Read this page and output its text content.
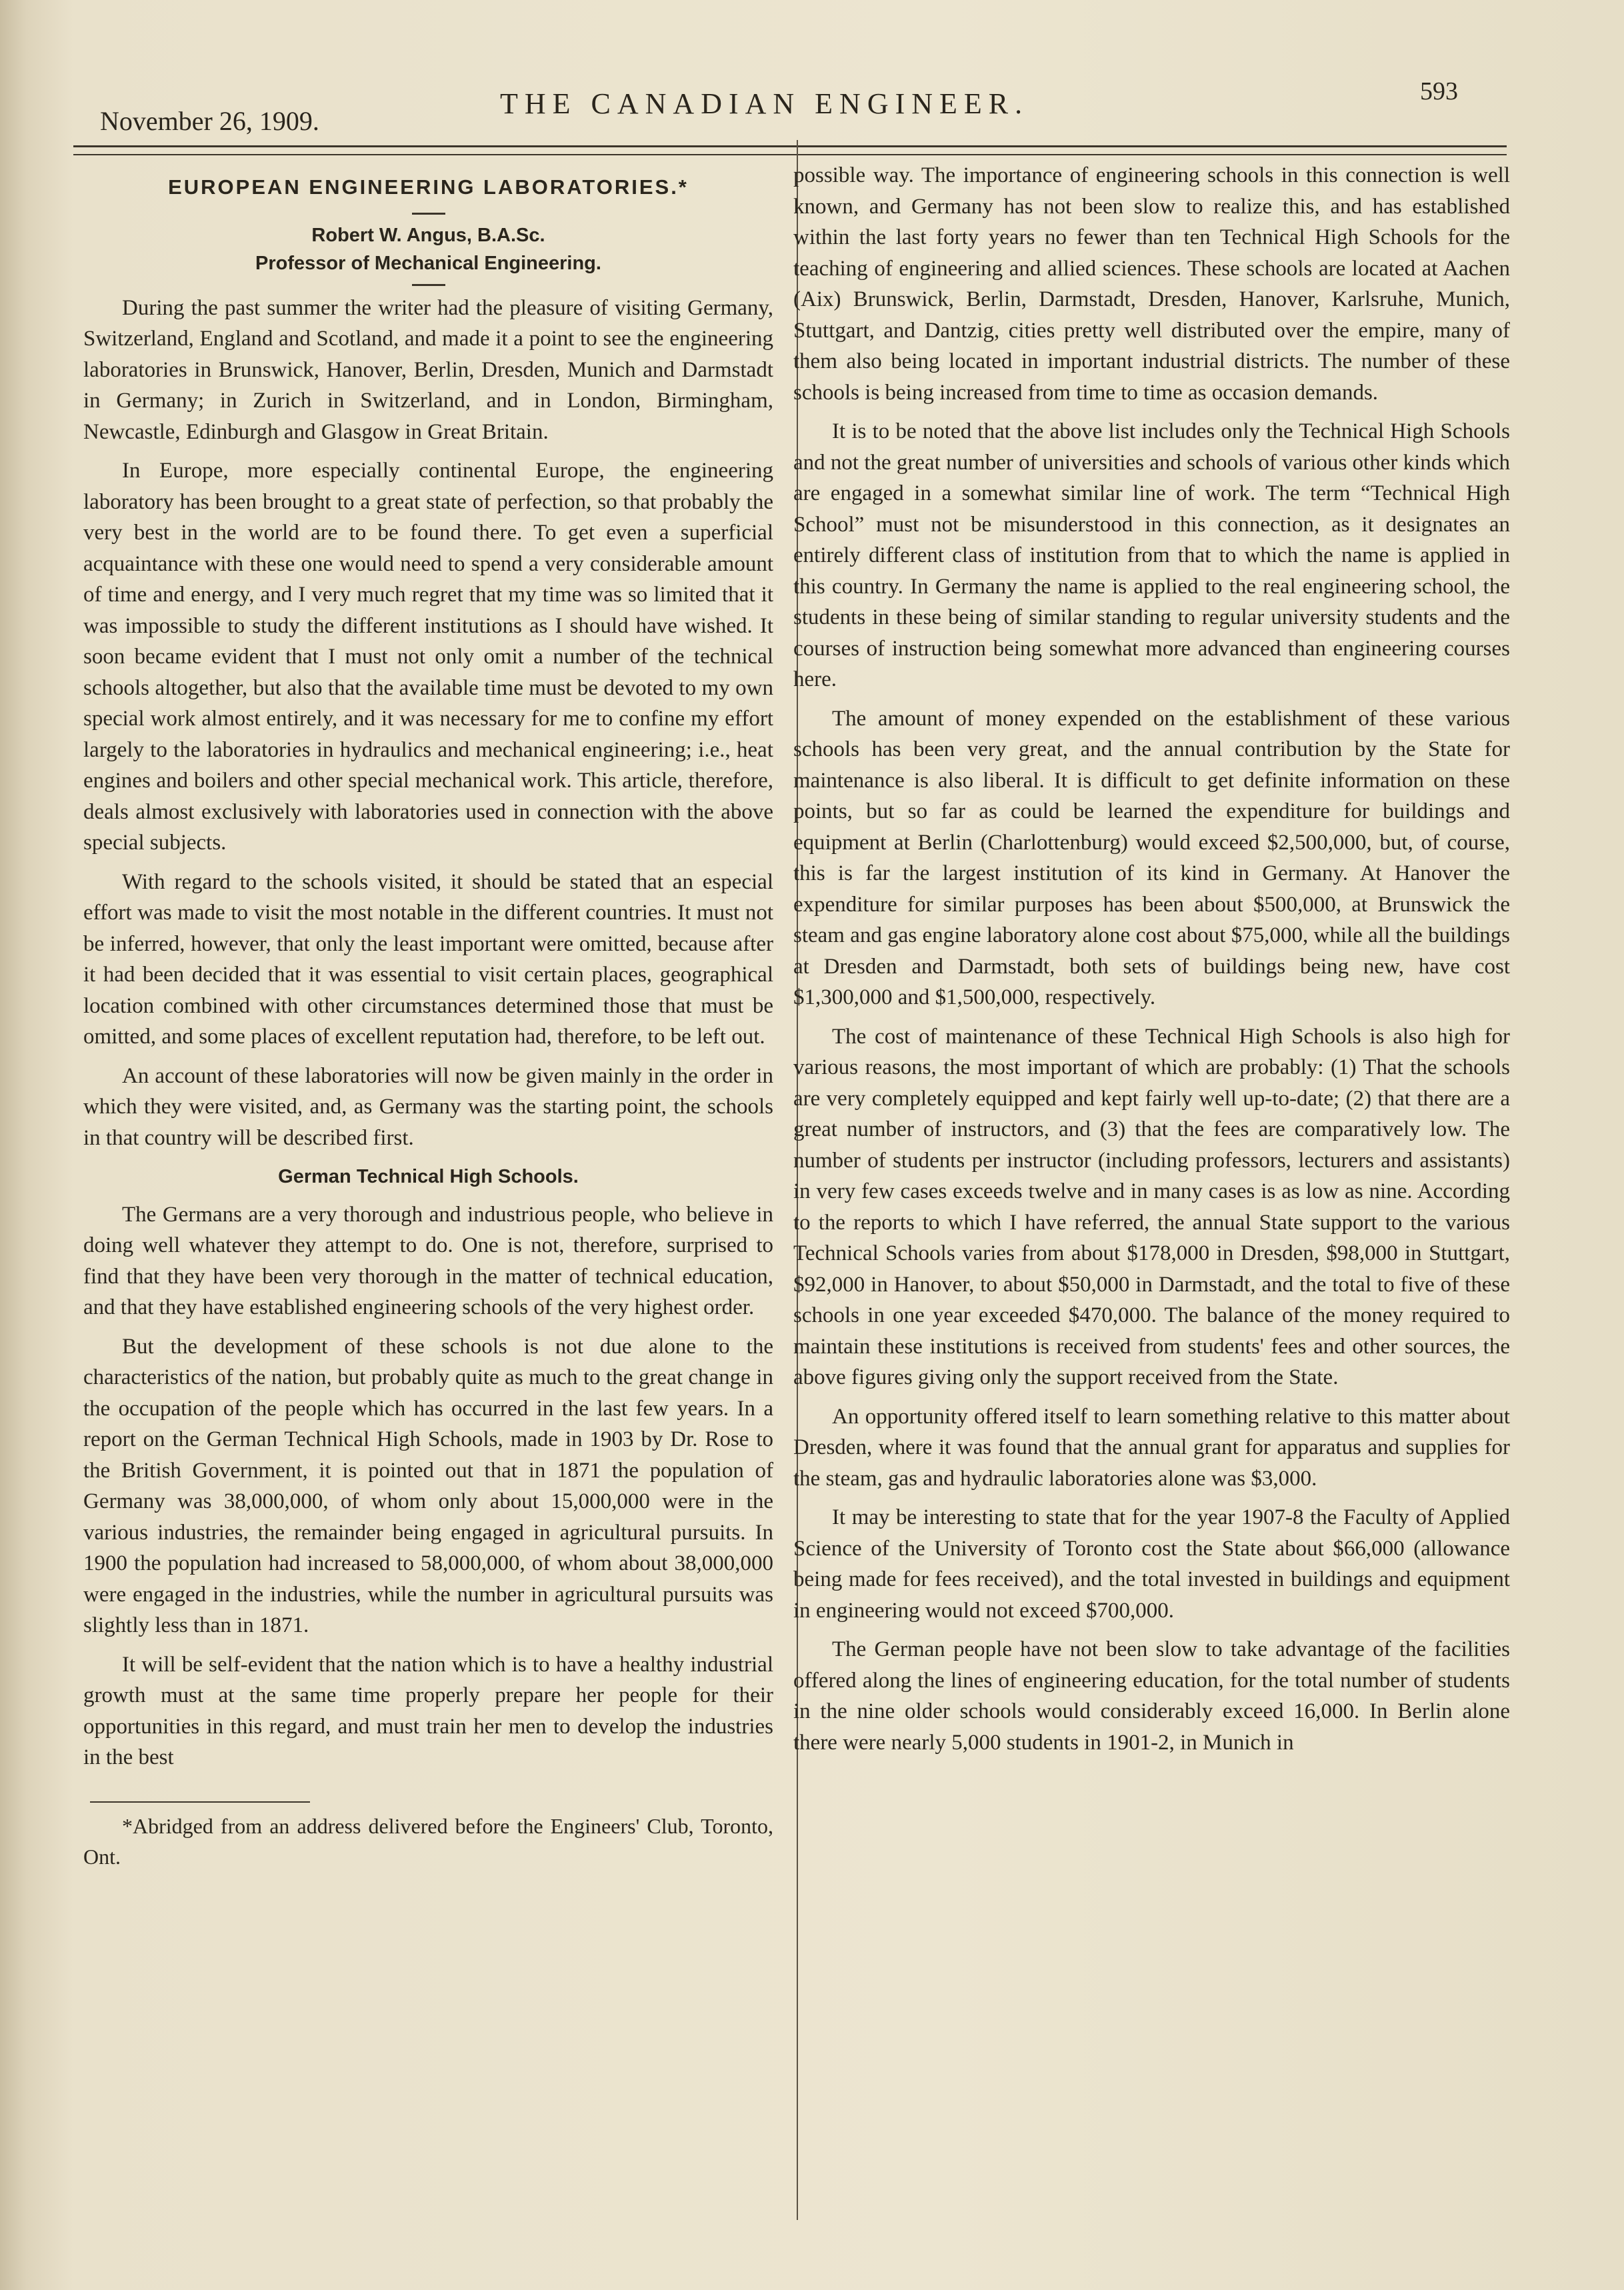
November 26, 1909.
THE CANADIAN ENGINEER.	593
EUROPEAN ENGINEERING LABORATORIES.*
Robert W. Angus, B.A.Sc.
Professor of Mechanical Engineering.

During the past summer the writer had the pleasure of visiting Germany, Switzerland, England and Scotland, and made it a point to see the engineering laboratories in Brunswick, Hanover, Berlin, Dresden, Munich and Darmstadt in Germany; in Zurich in Switzerland, and in London, Birmingham, Newcastle, Edinburgh and Glasgow in Great Britain.

In Europe, more especially continental Europe, the engineering laboratory has been brought to a great state of perfection, so that probably the very best in the world are to be found there. To get even a superficial acquaintance with these one would need to spend a very considerable amount of time and energy, and I very much regret that my time was so limited that it was impossible to study the different institutions as I should have wished. It soon became evident that I must not only omit a number of the technical schools altogether, but also that the available time must be devoted to my own special work almost entirely, and it was necessary for me to confine my effort largely to the laboratories in hydraulics and mechanical engineering; i.e., heat engines and boilers and other special mechanical work. This article, therefore, deals almost exclusively with laboratories used in connection with the above special subjects.

With regard to the schools visited, it should be stated that an especial effort was made to visit the most notable in the different countries. It must not be inferred, however, that only the least important were omitted, because after it had been decided that it was essential to visit certain places, geographical location combined with other circumstances determined those that must be omitted, and some places of excellent reputation had, therefore, to be left out.

An account of these laboratories will now be given mainly in the order in which they were visited, and, as Germany was the starting point, the schools in that country will be described first.

German Technical High Schools.

The Germans are a very thorough and industrious people, who believe in doing well whatever they attempt to do. One is not, therefore, surprised to find that they have been very thorough in the matter of technical education, and that they have established engineering schools of the very highest order.

But the development of these schools is not due alone to the characteristics of the nation, but probably quite as much to the great change in the occupation of the people which has occurred in the last few years. In a report on the German Technical High Schools, made in 1903 by Dr. Rose to the British Government, it is pointed out that in 1871 the population of Germany was 38,000,000, of whom only about 15,000,000 were in the various industries, the remainder being engaged in agricultural pursuits. In 1900 the population had increased to 58,000,000, of whom about 38,000,000 were engaged in the industries, while the number in agricultural pursuits was slightly less than in 1871.

It will be self-evident that the nation which is to have a healthy industrial growth must at the same time properly prepare her people for their opportunities in this regard, and must train her men to develop the industries in the best

*Abridged from an address delivered before the Engineers' Club, Toronto, Ont.

possible way. The importance of engineering schools in this connection is well known, and Germany has not been slow to realize this, and has established within the last forty years no fewer than ten Technical High Schools for the teaching of engineering and allied sciences. These schools are located at Aachen (Aix) Brunswick, Berlin, Darmstadt, Dresden, Hanover, Karlsruhe, Munich, Stuttgart, and Dantzig, cities pretty well distributed over the empire, many of them also being located in important industrial districts. The number of these schools is being increased from time to time as occasion demands.

It is to be noted that the above list includes only the Technical High Schools and not the great number of universities and schools of various other kinds which are engaged in a somewhat similar line of work. The term “Technical High School” must not be misunderstood in this connection, as it designates an entirely different class of institution from that to which the name is applied in this country. In Germany the name is applied to the real engineering school, the students in these being of similar standing to regular university students and the courses of instruction being somewhat more advanced than engineering courses here.

The amount of money expended on the establishment of these various schools has been very great, and the annual contribution by the State for maintenance is also liberal. It is difficult to get definite information on these points, but so far as could be learned the expenditure for buildings and equipment at Berlin (Charlottenburg) would exceed $2,500,000, but, of course, this is far the largest institution of its kind in Germany. At Hanover the expenditure for similar purposes has been about $500,000, at Brunswick the steam and gas engine laboratory alone cost about $75,000, while all the buildings at Dresden and Darmstadt, both sets of buildings being new, have cost $1,300,000 and $1,500,000, respectively.

The cost of maintenance of these Technical High Schools is also high for various reasons, the most important of which are probably: (1) That the schools are very completely equipped and kept fairly well up-to-date; (2) that there are a great number of instructors, and (3) that the fees are comparatively low. The number of students per instructor (including professors, lecturers and assistants) in very few cases exceeds twelve and in many cases is as low as nine. According to the reports to which I have referred, the annual State support to the various Technical Schools varies from about $178,000 in Dresden, $98,000 in Stuttgart, $92,000 in Hanover, to about $50,000 in Darmstadt, and the total to five of these schools in one year exceeded $470,000. The balance of the money required to maintain these institutions is received from students' fees and other sources, the above figures giving only the support received from the State.

An opportunity offered itself to learn something relative to this matter about Dresden, where it was found that the annual grant for apparatus and supplies for the steam, gas and hydraulic laboratories alone was $3,000.

It may be interesting to state that for the year 1907-8 the Faculty of Applied Science of the University of Toronto cost the State about $66,000 (allowance being made for fees received), and the total invested in buildings and equipment in engineering would not exceed $700,000.

The German people have not been slow to take advantage of the facilities offered along the lines of engineering education, for the total number of students in the nine older schools would considerably exceed 16,000. In Berlin alone there were nearly 5,000 students in 1901-2, in Munich in
